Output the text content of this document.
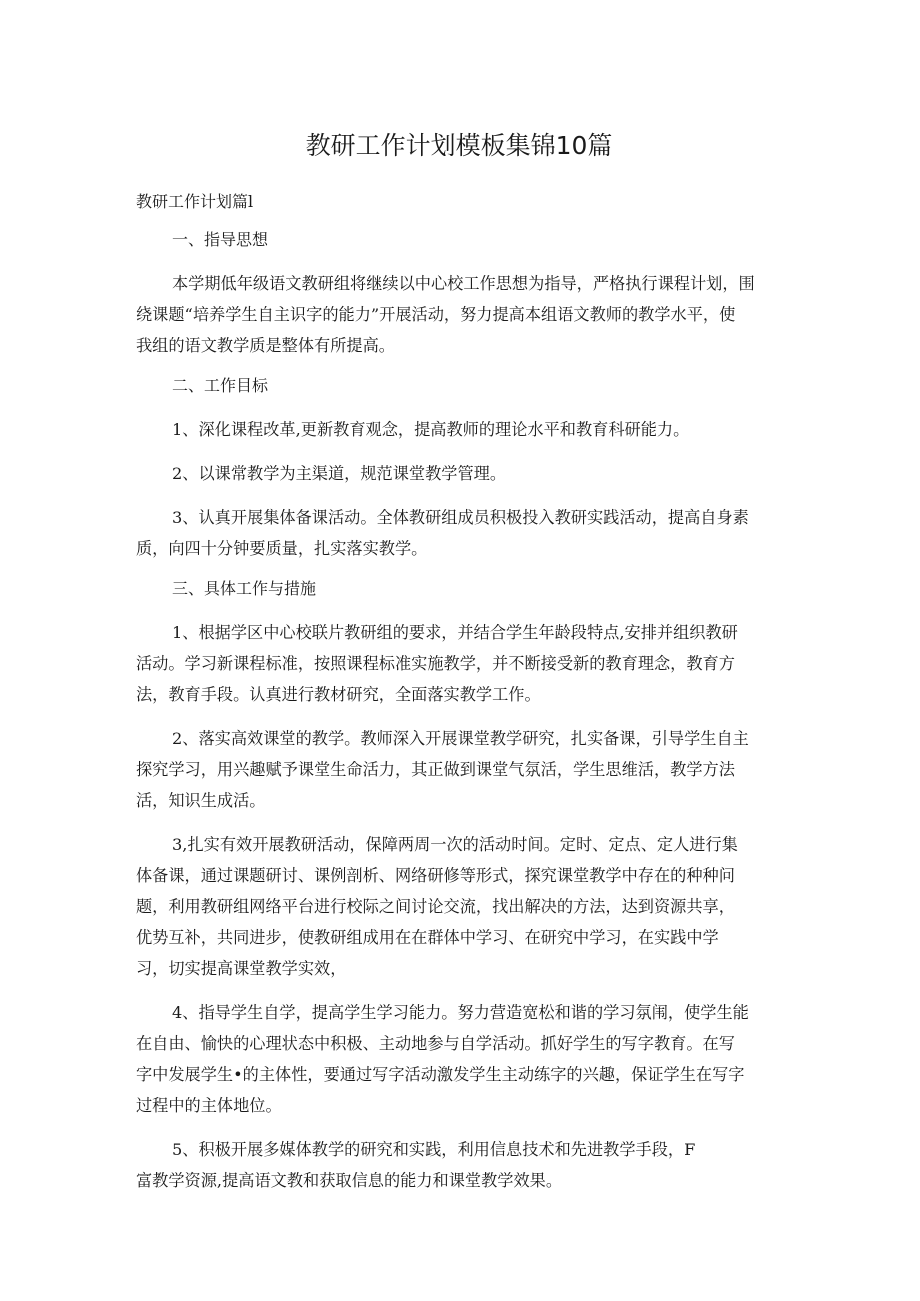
教研工作计划模板集锦10篇
教研工作计划篇l
一、指导思想
本学期低年级语文教研组将继续以中心校工作思想为指导，严格执行课程计划，围
绕课题“培养学生自主识字的能力”开展活动，努力提高本组语文教师的教学水平，使
我组的语文教学质是整体有所提高。
二、工作目标
1、深化课程改革,更新教育观念，提高教师的理论水平和教育科研能力。
2、以课常教学为主渠道，规范课堂教学管理。
3、认真开展集体备课活动。全体教研组成员积极投入教研实践活动，提高自身素
质，向四十分钟要质量，扎实落实教学。
三、具体工作与措施
1、根据学区中心校联片教研组的要求，并结合学生年龄段特点,安排并组织教研
活动。学习新课程标准，按照课程标准实施教学，并不断接受新的教育理念，教育方
法，教育手段。认真进行教材研究，全面落实教学工作。
2、落实高效课堂的教学。教师深入开展课堂教学研究，扎实备课，引导学生自主
探究学习，用兴趣赋予课堂生命活力，其正做到课堂气氛活，学生思维活，教学方法
活，知识生成活。
3,扎实有效开展教研活动，保障两周一次的活动时间。定时、定点、定人进行集
体备课，通过课题研讨、课例剖析、网络研修等形式，探究课堂教学中存在的种种问
题，利用教研组网络平台进行校际之间讨论交流，找出解决的方法，达到资源共享，
优势互补，共同进步，使教研组成用在在群体中学习、在研究中学习，在实践中学
习，切实提高课堂教学实效，
4、指导学生自学，提高学生学习能力。努力营造宽松和谐的学习氛闱，使学生能
在自由、愉快的心理状态中积极、主动地参与自学活动。抓好学生的写字教育。在写
字中发展学生•的主体性，要通过写字活动激发学生主动练字的兴趣，保证学生在写字
过程中的主体地位。
5、积极开展多媒体教学的研究和实践，利用信息技术和先进教学手段，F
富教学资源,提高语文教和获取信息的能力和课堂教学效果。
